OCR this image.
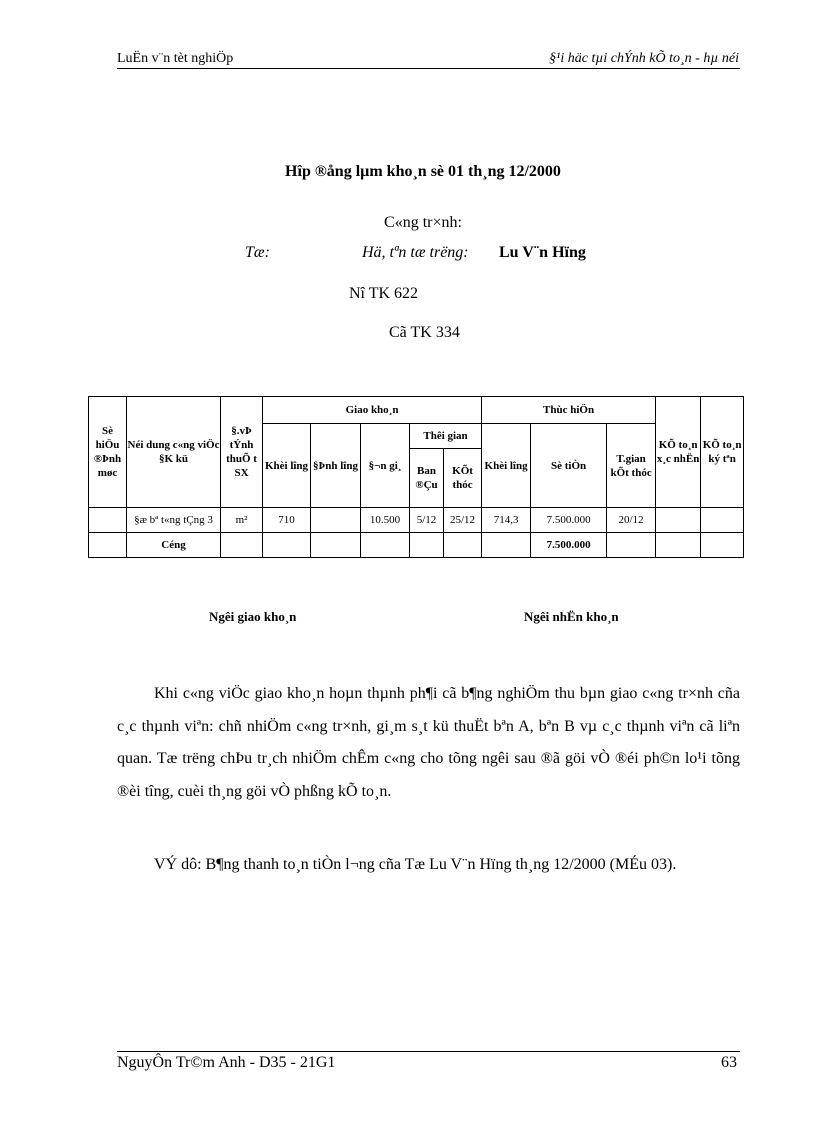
LuËn v¨n tèt nghiÖp	§¹i häc tµi chÝnh kÕ to¸n - hµ néi
Hîp ®ång lµm kho¸n sè 01 th¸ng 12/2000
C«ng tr×nh:
Tæ:	Hä, tªn tæ trëng: Lu V¨n Hïng
Nî TK 622
Cã TK 334
Sè hiÖu ®Þnh møc	Néi dung c«ng viÖc §K kü	§.vÞ tÝnh thuÕ t SX	Giao kho¸n					Thùc hiÖn			KÕ to¸n x¸c nhËn	KÕ to¸n ký tªn
			Khèi lîng	§Þnh lîng	§¬n gi¸	Thêi gian		Khèi lîng	Sè tiÒn	T.gian kÕt thóc		
						Ban ®Çu	KÕt thóc					
	§æ bª t«ng tÇng 3	m²	710		10.500	5/12	25/12	714,3	7.500.000	20/12		
	Céng								7.500.000			
Ngêi giao kho¸n	Ngêi nhËn kho¸n

Khi c«ng viÖc giao kho¸n hoµn thµnh ph¶i cã b¶ng nghiÖm thu bµn giao c«ng tr×nh cña c¸c thµnh viªn: chñ nhiÖm c«ng tr×nh, gi¸m s¸t kü thuËt bªn A, bªn B vµ c¸c thµnh viªn cã liªn quan. Tæ trëng chÞu tr¸ch nhiÖm chÊm c«ng cho tõng ngêi sau ®ã göi vÒ ®éi ph©n lo¹i tõng ®èi tîng, cuèi th¸ng göi vÒ phßng kÕ to¸n.

VÝ dô: B¶ng thanh to¸n tiÒn l¬ng cña Tæ Lu V¨n Hïng th¸ng 12/2000 (MÉu 03).

NguyÔn Tr©m Anh - D35 - 21G1	63
